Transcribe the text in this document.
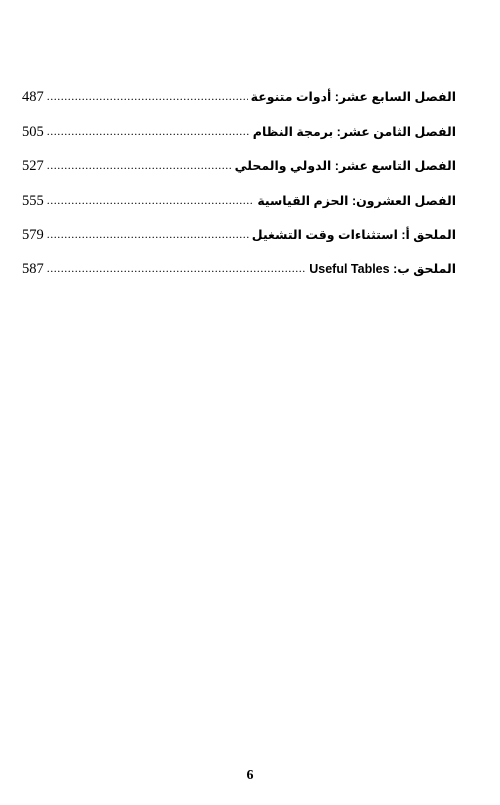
الفصل السابع عشر: أدوات متنوعة
.....
487
الفصل الثامن عشر: برمجة النظام
.....
505
الفصل التاسع عشر: الدولي والمحلي
.....
527
الفصل العشرون: الحزم القياسية
.....
555
الملحق أ: استثناءات وقت التشغيل
.....
579
الملحق ب: Useful Tables
.....
587
6
